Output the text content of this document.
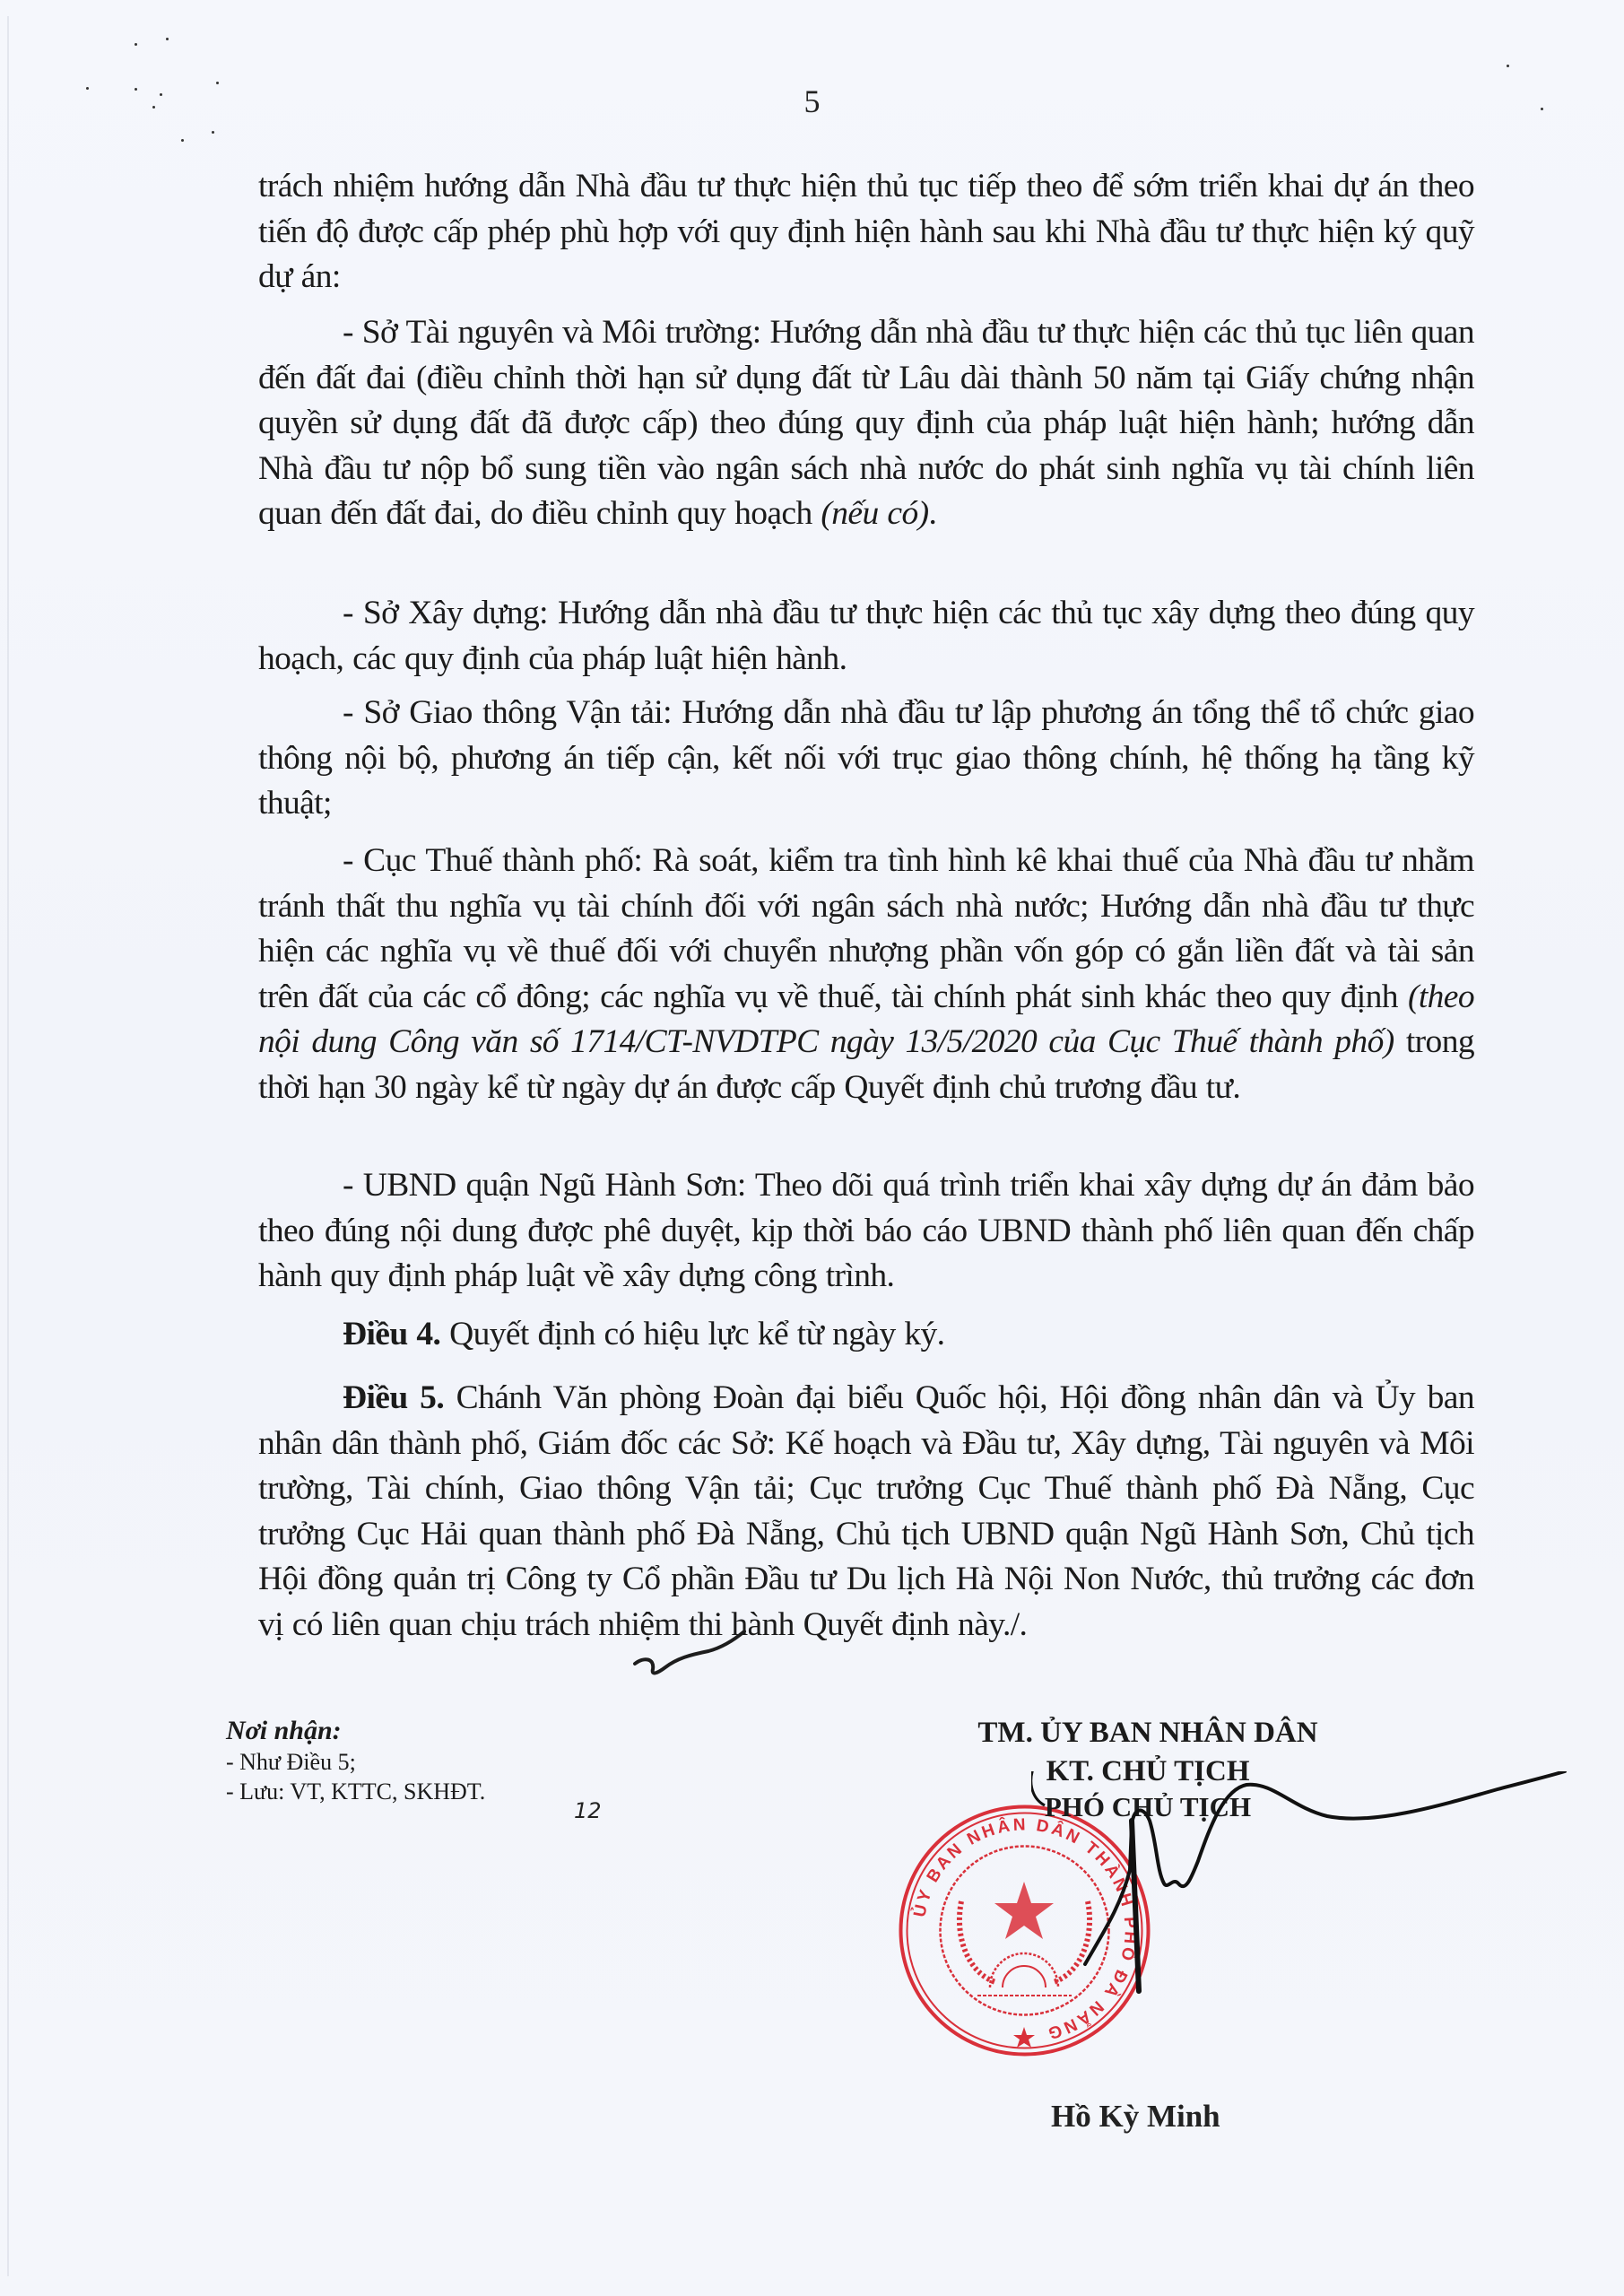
5

trách nhiệm hướng dẫn Nhà đầu tư thực hiện thủ tục tiếp theo để sớm triển khai dự án theo tiến độ được cấp phép phù hợp với quy định hiện hành sau khi Nhà đầu tư thực hiện ký quỹ dự án:

- Sở Tài nguyên và Môi trường: Hướng dẫn nhà đầu tư thực hiện các thủ tục liên quan đến đất đai (điều chỉnh thời hạn sử dụng đất từ Lâu dài thành 50 năm tại Giấy chứng nhận quyền sử dụng đất đã được cấp) theo đúng quy định của pháp luật hiện hành; hướng dẫn Nhà đầu tư nộp bổ sung tiền vào ngân sách nhà nước do phát sinh nghĩa vụ tài chính liên quan đến đất đai, do điều chỉnh quy hoạch (nếu có).

- Sở Xây dựng: Hướng dẫn nhà đầu tư thực hiện các thủ tục xây dựng theo đúng quy hoạch, các quy định của pháp luật hiện hành.

- Sở Giao thông Vận tải: Hướng dẫn nhà đầu tư lập phương án tổng thể tổ chức giao thông nội bộ, phương án tiếp cận, kết nối với trục giao thông chính, hệ thống hạ tầng kỹ thuật;

- Cục Thuế thành phố: Rà soát, kiểm tra tình hình kê khai thuế của Nhà đầu tư nhằm tránh thất thu nghĩa vụ tài chính đối với ngân sách nhà nước; Hướng dẫn nhà đầu tư thực hiện các nghĩa vụ về thuế đối với chuyển nhượng phần vốn góp có gắn liền đất và tài sản trên đất của các cổ đông; các nghĩa vụ về thuế, tài chính phát sinh khác theo quy định (theo nội dung Công văn số 1714/CT-NVDTPC ngày 13/5/2020 của Cục Thuế thành phố) trong thời hạn 30 ngày kể từ ngày dự án được cấp Quyết định chủ trương đầu tư.

- UBND quận Ngũ Hành Sơn: Theo dõi quá trình triển khai xây dựng dự án đảm bảo theo đúng nội dung được phê duyệt, kịp thời báo cáo UBND thành phố liên quan đến chấp hành quy định pháp luật về xây dựng công trình.

Điều 4. Quyết định có hiệu lực kể từ ngày ký.

Điều 5. Chánh Văn phòng Đoàn đại biểu Quốc hội, Hội đồng nhân dân và Ủy ban nhân dân thành phố, Giám đốc các Sở: Kế hoạch và Đầu tư, Xây dựng, Tài nguyên và Môi trường, Tài chính, Giao thông Vận tải; Cục trưởng Cục Thuế thành phố Đà Nẵng, Cục trưởng Cục Hải quan thành phố Đà Nẵng, Chủ tịch UBND quận Ngũ Hành Sơn, Chủ tịch Hội đồng quản trị Công ty Cổ phần Đầu tư Du lịch Hà Nội Non Nước, thủ trưởng các đơn vị có liên quan chịu trách nhiệm thi hành Quyết định này./.

Nơi nhận:
- Như Điều 5;
- Lưu: VT, KTTC, SKHĐT.
12
ỦY BAN NHÂN DÂN THÀNH PHỐ ĐÀ NẴNG
TM. ỦY BAN NHÂN DÂN
KT. CHỦ TỊCH
PHÓ CHỦ TỊCH
Hồ Kỳ Minh
